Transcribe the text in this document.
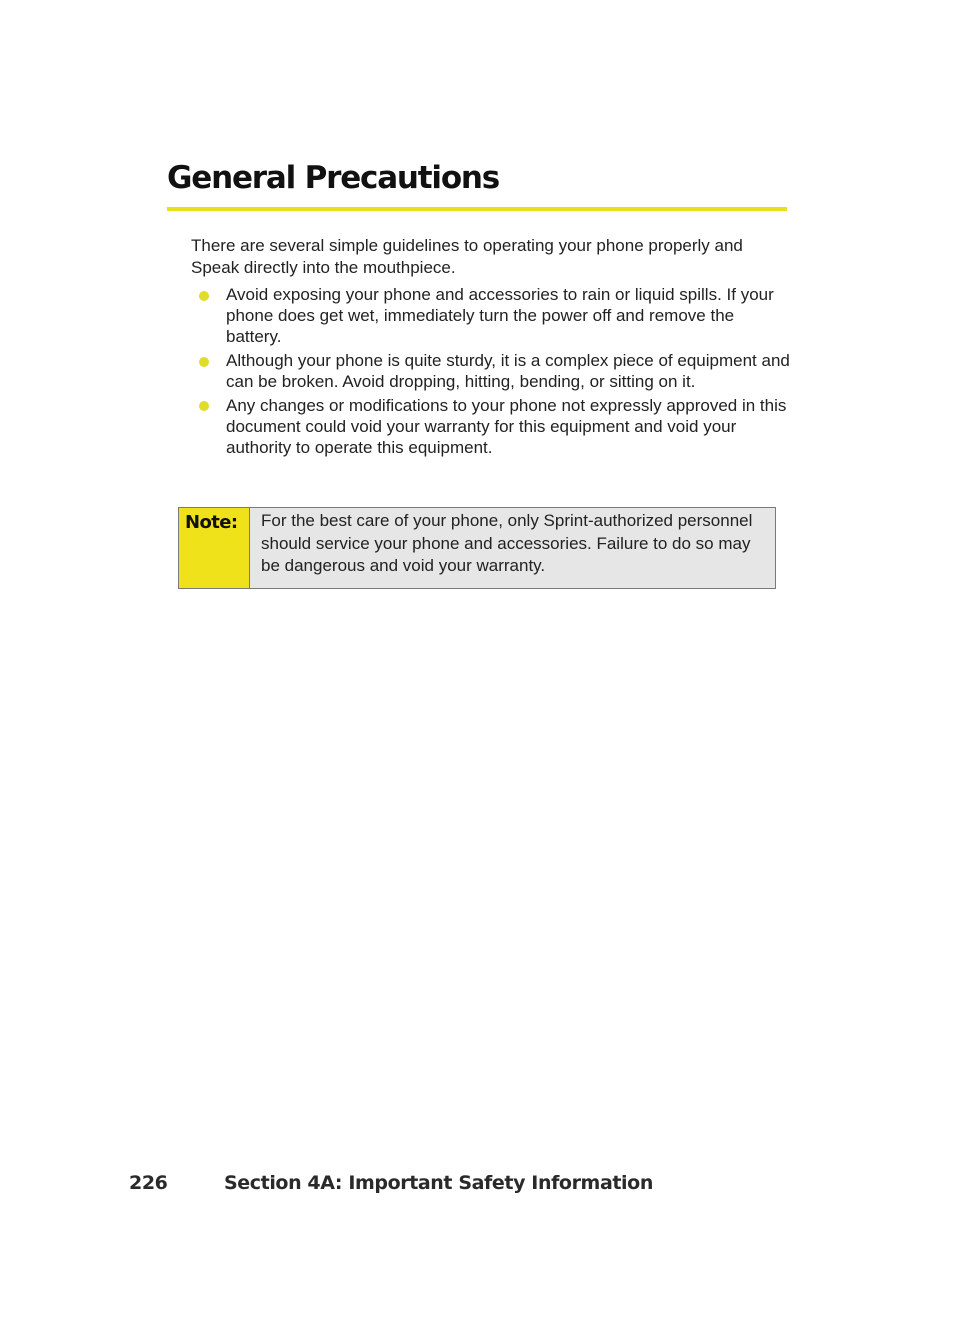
General Precautions

There are several simple guidelines to operating your phone properly and Speak directly into the mouthpiece.

Avoid exposing your phone and accessories to rain or liquid spills. If your phone does get wet, immediately turn the power off and remove the battery.
Although your phone is quite sturdy, it is a complex piece of equipment and can be broken. Avoid dropping, hitting, bending, or sitting on it.
Any changes or modifications to your phone not expressly approved in this document could void your warranty for this equipment and void your authority to operate this equipment.
Note:	For the best care of your phone, only Sprint-authorized personnel should service your phone and accessories. Failure to do so may be dangerous and void your warranty.
226	Section 4A: Important Safety Information
